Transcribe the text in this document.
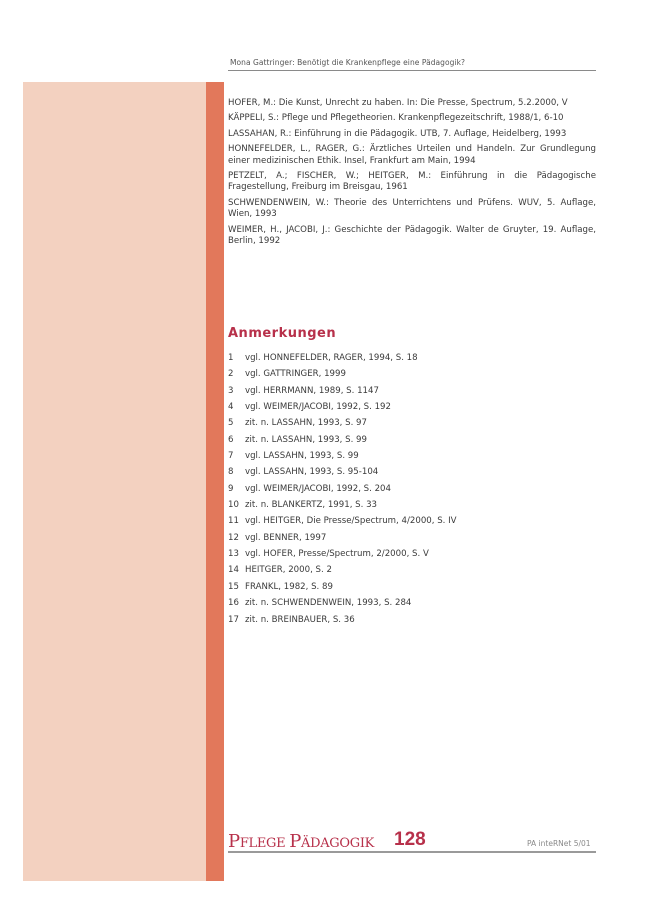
Mona Gattringer: Benötigt die Krankenpflege eine Pädagogik?

HOFER, M.: Die Kunst, Unrecht zu haben. In: Die Presse, Spectrum, 5.2.2000, V

KÄPPELI, S.: Pflege und Pflegetheorien. Krankenpflegezeitschrift, 1988/1, 6-10

LASSAHAN, R.: Einführung in die Pädagogik. UTB, 7. Auflage, Heidelberg, 1993

HONNEFELDER, L., RAGER, G.: Ärztliches Urteilen und Handeln. Zur Grundlegung einer medizinischen Ethik. Insel, Frankfurt am Main, 1994

PETZELT, A.; FISCHER, W.; HEITGER, M.: Einführung in die Pädagogische Fragestellung, Freiburg im Breisgau, 1961

SCHWENDENWEIN, W.: Theorie des Unterrichtens und Prüfens. WUV, 5. Auflage, Wien, 1993

WEIMER, H., JACOBI, J.: Geschichte der Pädagogik. Walter de Gruyter, 19. Auflage, Berlin, 1992

Anmerkungen
1	vgl. HONNEFELDER, RAGER, 1994, S. 18
2	vgl. GATTRINGER, 1999
3	vgl. HERRMANN, 1989, S. 1147
4	vgl. WEIMER/JACOBI, 1992, S. 192
5	zit. n. LASSAHN, 1993, S. 97
6	zit. n. LASSAHN, 1993, S. 99
7	vgl. LASSAHN, 1993, S. 99
8	vgl. LASSAHN, 1993, S. 95-104
9	vgl. WEIMER/JACOBI, 1992, S. 204
10 zit. n. BLANKERTZ, 1991, S. 33
11 vgl. HEITGER, Die Presse/Spectrum, 4/2000, S. IV
12 vgl. BENNER, 1997
13 vgl. HOFER, Presse/Spectrum, 2/2000, S. V
14 HEITGER, 2000, S. 2
15 FRANKL, 1982, S. 89
16 zit. n. SCHWENDENWEIN, 1993, S. 284
17 zit. n. BREINBAUER, S. 36
PFLEGE PÄDAGOGIK 128	PA inteRNet 5/01
